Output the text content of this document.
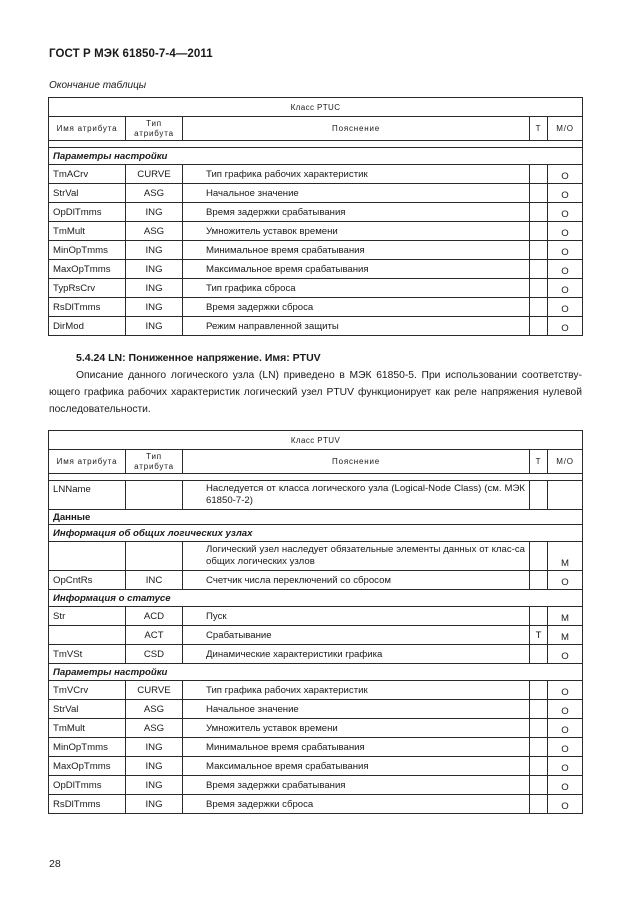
ГОСТ Р МЭК 61850-7-4—2011
Окончание таблицы
Класс PTUC				
Имя атрибута	Тип атрибута	Пояснение	T	M/O

Параметры настройки				
TmACrv	CURVE	Тип графика рабочих характеристик		O
StrVal	ASG	Начальное значение		O
OpDlTmms	ING	Время задержки срабатывания		O
TmMult	ASG	Умножитель уставок времени		O
MinOpTmms	ING	Минимальное время срабатывания		O
MaxOpTmms	ING	Максимальное время срабатывания		O
TypRsCrv	ING	Тип графика сброса		O
RsDlTmms	ING	Время задержки сброса		O
DirMod	ING	Режим направленной защиты		O
5.4.24 LN: Пониженное напряжение. Имя: PTUV
Описание данного логического узла (LN) приведено в МЭК 61850-5. При использовании соответству-ющего графика рабочих характеристик логический узел PTUV функционирует как реле напряжения нулевой последовательности.
Класс PTUV				
Имя атрибута	Тип атрибута	Пояснение	T	M/O

LNName		Наследуется от класса логического узла (Logical-Node Class) (см. МЭК 61850-7-2)		
Данные				
Информация об общих логических узлах				
		Логический узел наследует обязательные элементы данных от клас-са общих логических узлов		M
OpCntRs	INC	Счетчик числа переключений со сбросом		O
Информация о статусе				
Str	ACD	Пуск		M
	ACT	Срабатывание	T	M
TmVSt	CSD	Динамические характеристики графика		O
Параметры настройки				
TmVCrv	CURVE	Тип графика рабочих характеристик		O
StrVal	ASG	Начальное значение		O
TmMult	ASG	Умножитель уставок времени		O
MinOpTmms	ING	Минимальное время срабатывания		O
MaxOpTmms	ING	Максимальное время срабатывания		O
OpDlTmms	ING	Время задержки срабатывания		O
RsDlTmms	ING	Время задержки сброса		O
28
